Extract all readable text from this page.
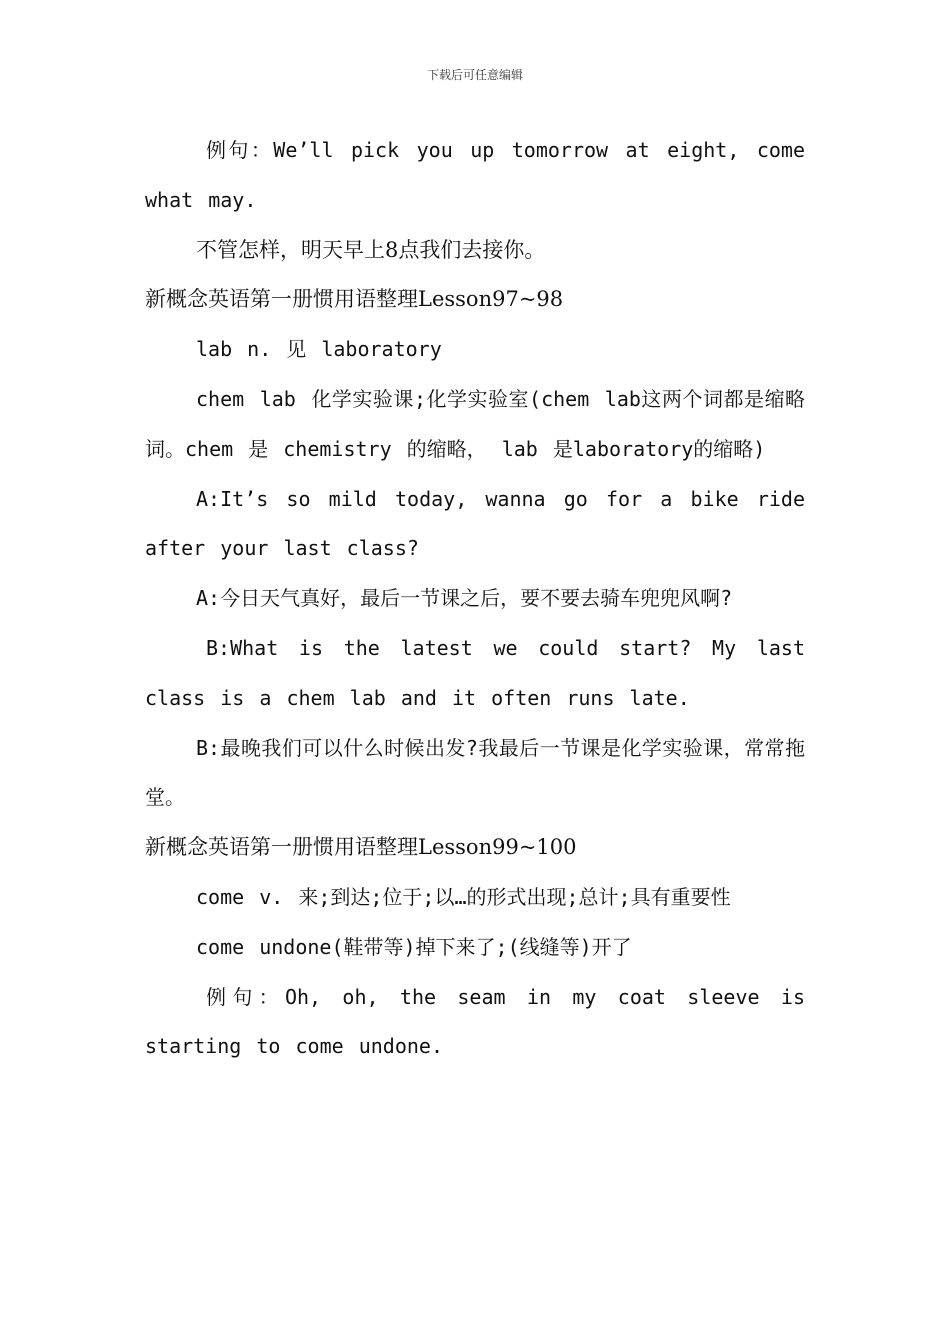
下载后可任意编辑

例句：We’ll pick you up tomorrow at eight, come what may.

不管怎样，明天早上8点我们去接你。

新概念英语第一册惯用语整理Lesson97~98

lab n. 见 laboratory

chem lab 化学实验课;化学实验室(chem lab这两个词都是缩略词。chem 是 chemistry 的缩略， lab 是laboratory的缩略)

A:It’s so mild today, wanna go for a bike ride after your last class?

A:今日天气真好，最后一节课之后，要不要去骑车兜兜风啊?

B:What is the latest we could start? My last class is a chem lab and it often runs late.

B:最晚我们可以什么时候出发?我最后一节课是化学实验课，常常拖堂。

新概念英语第一册惯用语整理Lesson99~100

come v. 来;到达;位于;以…的形式出现;总计;具有重要性

come undone(鞋带等)掉下来了;(线缝等)开了

例句：Oh, oh, the seam in my coat sleeve is starting to come undone.
